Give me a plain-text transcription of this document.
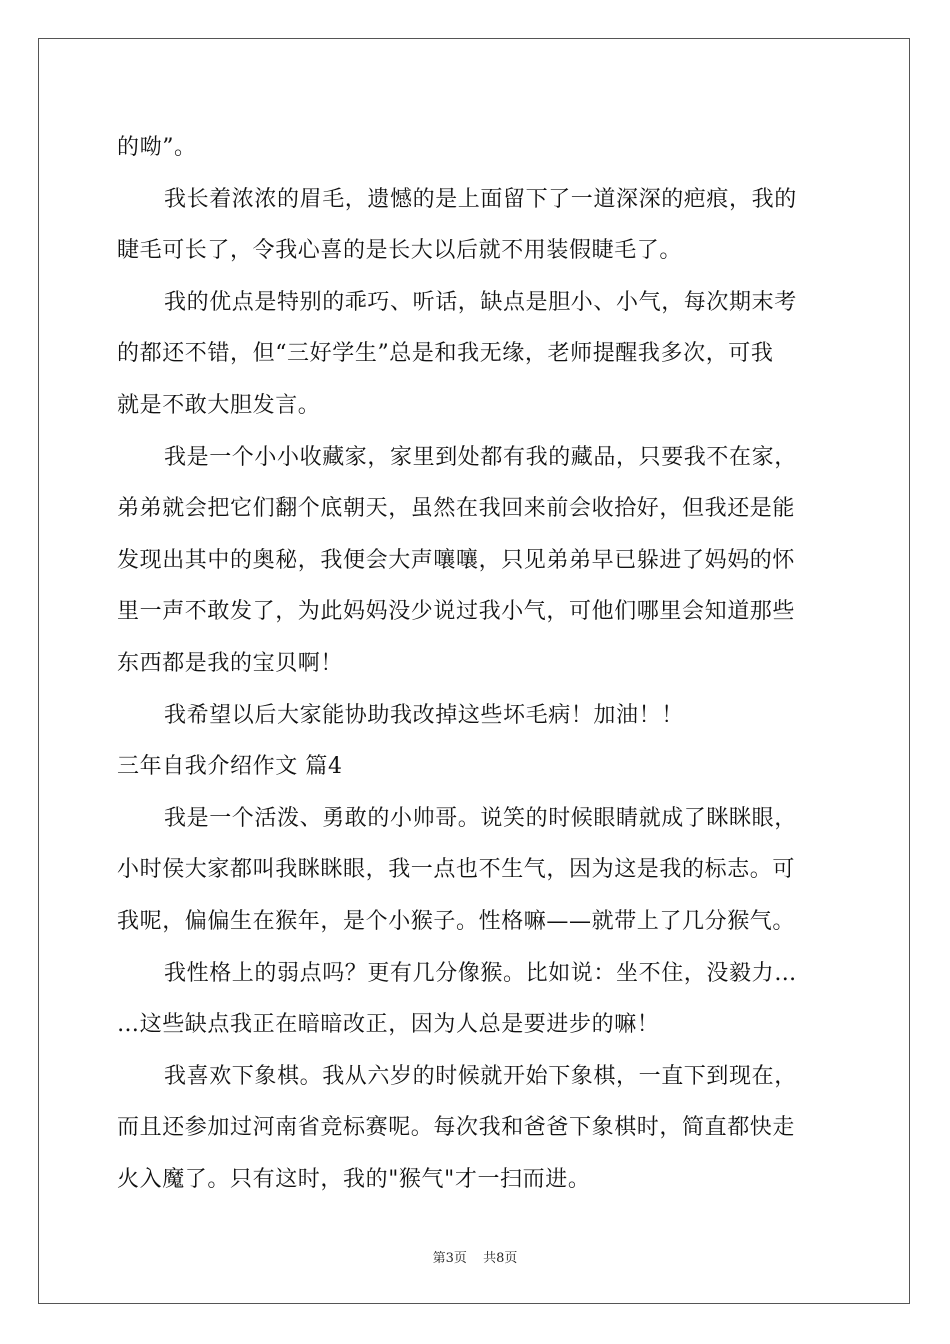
的呦”。
我长着浓浓的眉毛，遗憾的是上面留下了一道深深的疤痕，我的
睫毛可长了，令我心喜的是长大以后就不用装假睫毛了。
我的优点是特别的乖巧、听话，缺点是胆小、小气，每次期末考
的都还不错，但“三好学生”总是和我无缘，老师提醒我多次，可我
就是不敢大胆发言。
我是一个小小收藏家，家里到处都有我的藏品，只要我不在家，
弟弟就会把它们翻个底朝天，虽然在我回来前会收拾好，但我还是能
发现出其中的奥秘，我便会大声嚷嚷，只见弟弟早已躲进了妈妈的怀
里一声不敢发了，为此妈妈没少说过我小气，可他们哪里会知道那些
东西都是我的宝贝啊！
我希望以后大家能协助我改掉这些坏毛病！加油！！
三年自我介绍作文 篇4
我是一个活泼、勇敢的小帅哥。说笑的时候眼睛就成了眯眯眼，
小时侯大家都叫我眯眯眼，我一点也不生气，因为这是我的标志。可
我呢，偏偏生在猴年，是个小猴子。性格嘛——就带上了几分猴气。
我性格上的弱点吗？更有几分像猴。比如说：坐不住，没毅力…
…这些缺点我正在暗暗改正，因为人总是要进步的嘛！
我喜欢下象棋。我从六岁的时候就开始下象棋，一直下到现在，
而且还参加过河南省竞标赛呢。每次我和爸爸下象棋时，简直都快走
火入魔了。只有这时，我的"猴气"才一扫而进。
第3页 共8页
